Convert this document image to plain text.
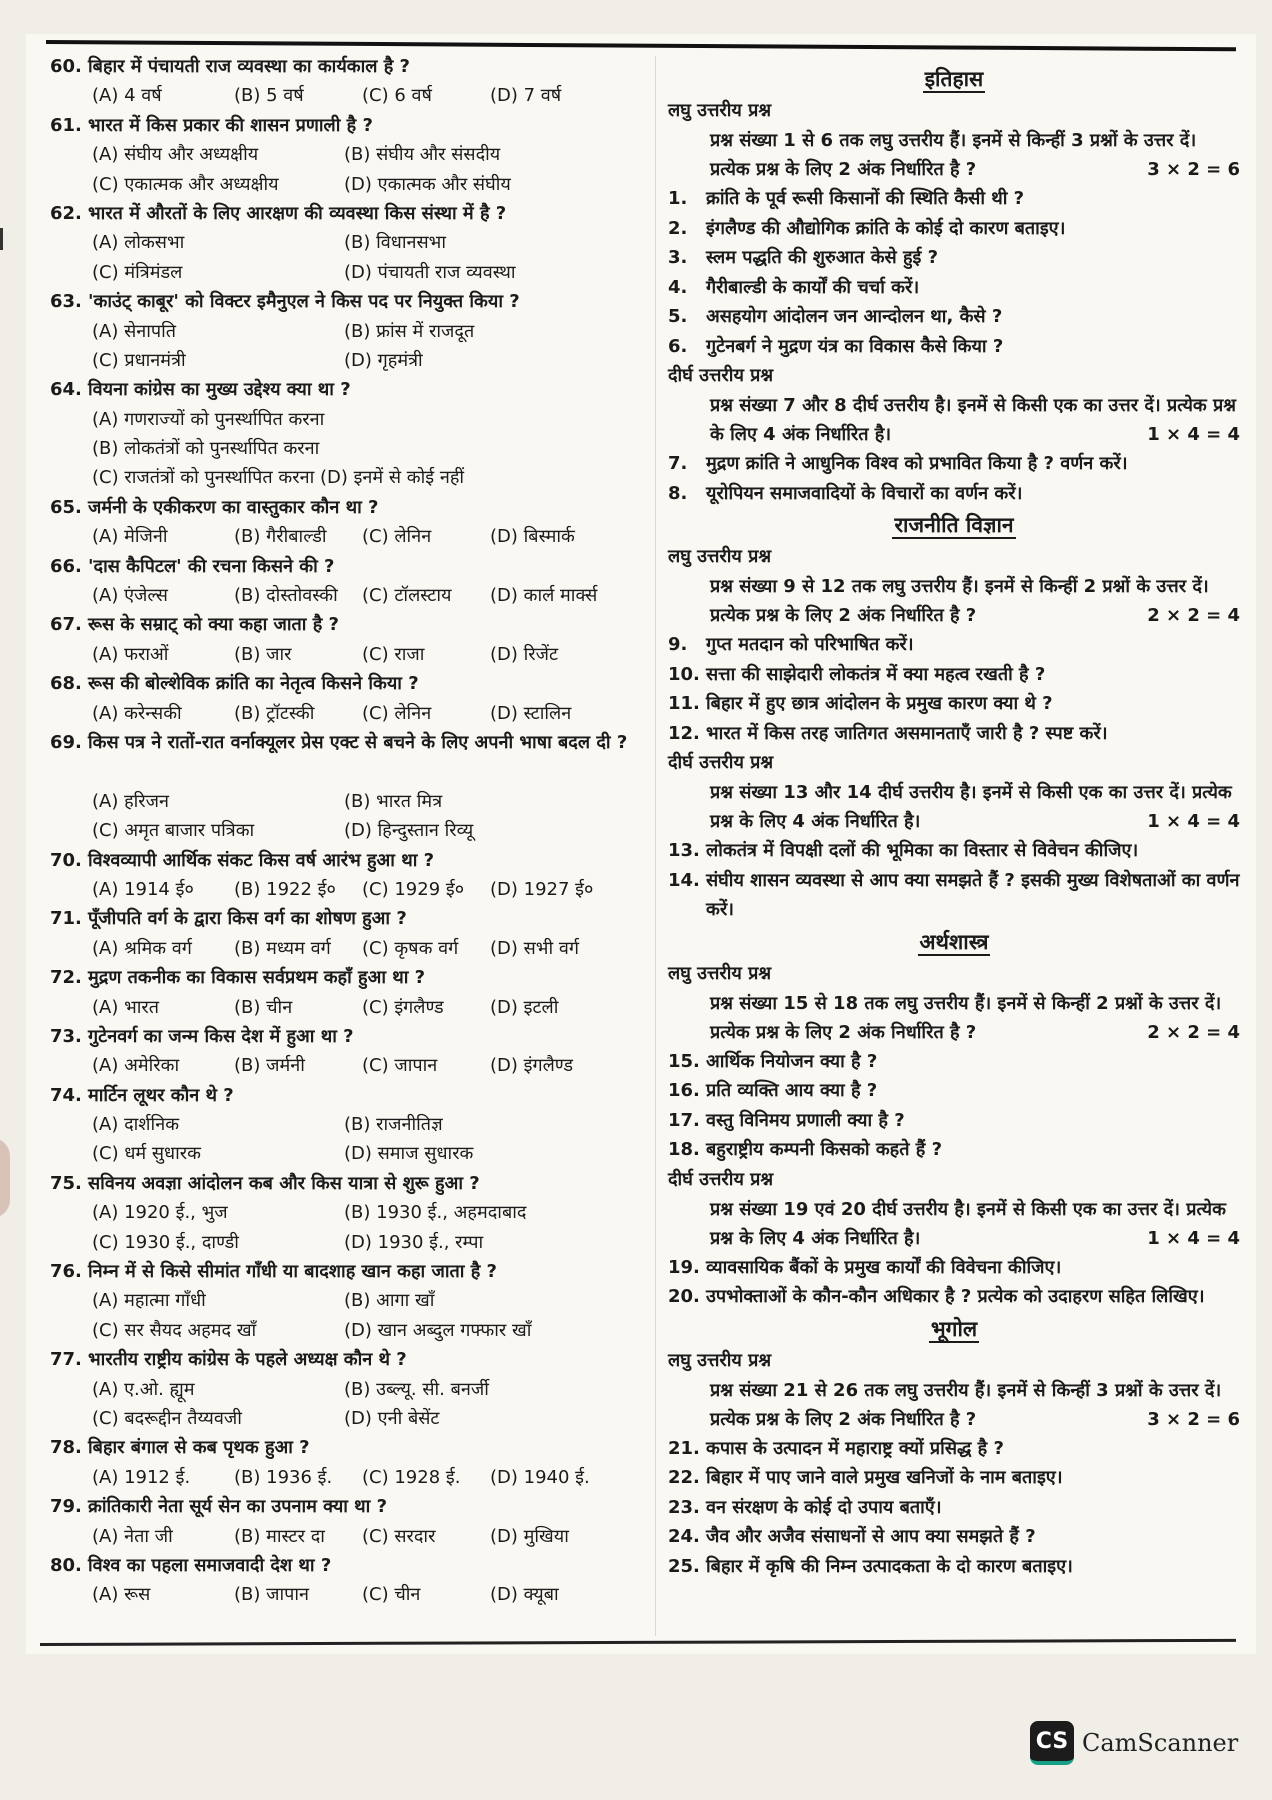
60. बिहार में पंचायती राज व्यवस्था का कार्यकाल है ?
(A) 4 वर्ष	(B) 5 वर्ष	(C) 6 वर्ष	(D) 7 वर्ष
61. भारत में किस प्रकार की शासन प्रणाली है ?
(A) संघीय और अध्यक्षीय	(B) संघीय और संसदीय
(C) एकात्मक और अध्यक्षीय	(D) एकात्मक और संघीय
62. भारत में औरतों के लिए आरक्षण की व्यवस्था किस संस्था में है ?
(A) लोकसभा	(B) विधानसभा
(C) मंत्रिमंडल	(D) पंचायती राज व्यवस्था
63. 'काउंट् काबूर' को विक्टर इमैनुएल ने किस पद पर नियुक्त किया ?
(A) सेनापति	(B) फ्रांस में राजदूत
(C) प्रधानमंत्री	(D) गृहमंत्री
64. वियना कांग्रेस का मुख्य उद्देश्य क्या था ?
(A) गणराज्यों को पुनर्स्थापित करना
(B) लोकतंत्रों को पुनर्स्थापित करना
(C) राजतंत्रों को पुनर्स्थापित करना (D) इनमें से कोई नहीं
65. जर्मनी के एकीकरण का वास्तुकार कौन था ?
(A) मेजिनी	(B) गैरीबाल्डी	(C) लेनिन	(D) बिस्मार्क
66. 'दास कैपिटल' की रचना किसने की ?
(A) एंजेल्स	(B) दोस्तोवस्की	(C) टॉलस्टाय	(D) कार्ल मार्क्स
67. रूस के सम्राट् को क्या कहा जाता है ?
(A) फराओं	(B) जार	(C) राजा	(D) रिजेंट
68. रूस की बोल्शेविक क्रांति का नेतृत्व किसने किया ?
(A) करेन्सकी	(B) ट्रॉटस्की	(C) लेनिन	(D) स्टालिन
69. किस पत्र ने रातों-रात वर्नाक्यूलर प्रेस एक्ट से बचने के लिए अपनी भाषा बदल दी ?
(A) हरिजन	(B) भारत मित्र
(C) अमृत बाजार पत्रिका	(D) हिन्दुस्तान रिव्यू
70. विश्वव्यापी आर्थिक संकट किस वर्ष आरंभ हुआ था ?
(A) 1914 ई०	(B) 1922 ई०	(C) 1929 ई०	(D) 1927 ई०
71. पूँजीपति वर्ग के द्वारा किस वर्ग का शोषण हुआ ?
(A) श्रमिक वर्ग	(B) मध्यम वर्ग	(C) कृषक वर्ग	(D) सभी वर्ग
72. मुद्रण तकनीक का विकास सर्वप्रथम कहाँ हुआ था ?
(A) भारत	(B) चीन	(C) इंगलैण्ड	(D) इटली
73. गुटेनवर्ग का जन्म किस देश में हुआ था ?
(A) अमेरिका	(B) जर्मनी	(C) जापान	(D) इंगलैण्ड
74. मार्टिन लूथर कौन थे ?
(A) दार्शनिक	(B) राजनीतिज्ञ
(C) धर्म सुधारक	(D) समाज सुधारक
75. सविनय अवज्ञा आंदोलन कब और किस यात्रा से शुरू हुआ ?
(A) 1920 ई., भुज	(B) 1930 ई., अहमदाबाद
(C) 1930 ई., दाण्डी	(D) 1930 ई., रम्पा
76. निम्न में से किसे सीमांत गाँधी या बादशाह खान कहा जाता है ?
(A) महात्मा गाँधी	(B) आगा खाँ
(C) सर सैयद अहमद खाँ	(D) खान अब्दुल गफ्फार खाँ
77. भारतीय राष्ट्रीय कांग्रेस के पहले अध्यक्ष कौन थे ?
(A) ए.ओ. ह्यूम	(B) उब्ल्यू. सी. बनर्जी
(C) बदरूद्दीन तैय्यवजी	(D) एनी बेसेंट
78. बिहार बंगाल से कब पृथक हुआ ?
(A) 1912 ई.	(B) 1936 ई.	(C) 1928 ई.	(D) 1940 ई.
79. क्रांतिकारी नेता सूर्य सेन का उपनाम क्या था ?
(A) नेता जी	(B) मास्टर दा	(C) सरदार	(D) मुखिया
80. विश्व का पहला समाजवादी देश था ?
(A) रूस	(B) जापान	(C) चीन	(D) क्यूबा
इतिहास
लघु उत्तरीय प्रश्न
प्रश्न संख्या 1 से 6 तक लघु उत्तरीय हैं। इनमें से किन्हीं 3 प्रश्नों के उत्तर दें। प्रत्येक प्रश्न के लिए 2 अंक निर्धारित है ?	3 × 2 = 6
1.	क्रांति के पूर्व रूसी किसानों की स्थिति कैसी थी ?
2.	इंगलैण्ड की औद्योगिक क्रांति के कोई दो कारण बताइए।
3.	स्लम पद्धति की शुरुआत केसे हुई ?
4.	गैरीबाल्डी के कार्यों की चर्चा करें।
5.	असहयोग आंदोलन जन आन्दोलन था, कैसे ?
6.	गुटेनबर्ग ने मुद्रण यंत्र का विकास कैसे किया ?
दीर्घ उत्तरीय प्रश्न
प्रश्न संख्या 7 और 8 दीर्घ उत्तरीय है। इनमें से किसी एक का उत्तर दें। प्रत्येक प्रश्न के लिए 4 अंक निर्धारित है।	1 × 4 = 4
7.	मुद्रण क्रांति ने आधुनिक विश्व को प्रभावित किया है ? वर्णन करें।
8.	यूरोपियन समाजवादियों के विचारों का वर्णन करें।
राजनीति विज्ञान
लघु उत्तरीय प्रश्न
प्रश्न संख्या 9 से 12 तक लघु उत्तरीय हैं। इनमें से किन्हीं 2 प्रश्नों के उत्तर दें। प्रत्येक प्रश्न के लिए 2 अंक निर्धारित है ?	2 × 2 = 4
9.	गुप्त मतदान को परिभाषित करें।
10. सत्ता की साझेदारी लोकतंत्र में क्या महत्व रखती है ?
11. बिहार में हुए छात्र आंदोलन के प्रमुख कारण क्या थे ?
12. भारत में किस तरह जातिगत असमानताएँ जारी है ? स्पष्ट करें।
दीर्घ उत्तरीय प्रश्न
प्रश्न संख्या 13 और 14 दीर्घ उत्तरीय है। इनमें से किसी एक का उत्तर दें। प्रत्येक प्रश्न के लिए 4 अंक निर्धारित है।	1 × 4 = 4
13. लोकतंत्र में विपक्षी दलों की भूमिका का विस्तार से विवेचन कीजिए।
14. संघीय शासन व्यवस्था से आप क्या समझते हैं ? इसकी मुख्य विशेषताओं का वर्णन करें।
अर्थशास्त्र
लघु उत्तरीय प्रश्न
प्रश्न संख्या 15 से 18 तक लघु उत्तरीय हैं। इनमें से किन्हीं 2 प्रश्नों के उत्तर दें। प्रत्येक प्रश्न के लिए 2 अंक निर्धारित है ?	2 × 2 = 4
15. आर्थिक नियोजन क्या है ?
16. प्रति व्यक्ति आय क्या है ?
17. वस्तु विनिमय प्रणाली क्या है ?
18. बहुराष्ट्रीय कम्पनी किसको कहते हैं ?
दीर्घ उत्तरीय प्रश्न
प्रश्न संख्या 19 एवं 20 दीर्घ उत्तरीय है। इनमें से किसी एक का उत्तर दें। प्रत्येक प्रश्न के लिए 4 अंक निर्धारित है।	1 × 4 = 4
19. व्यावसायिक बैंकों के प्रमुख कार्यों की विवेचना कीजिए।
20. उपभोक्ताओं के कौन-कौन अधिकार है ? प्रत्येक को उदाहरण सहित लिखिए।
भूगोल
लघु उत्तरीय प्रश्न
प्रश्न संख्या 21 से 26 तक लघु उत्तरीय हैं। इनमें से किन्हीं 3 प्रश्नों के उत्तर दें। प्रत्येक प्रश्न के लिए 2 अंक निर्धारित है ?	3 × 2 = 6
21. कपास के उत्पादन में महाराष्ट्र क्यों प्रसिद्ध है ?
22. बिहार में पाए जाने वाले प्रमुख खनिजों के नाम बताइए।
23. वन संरक्षण के कोई दो उपाय बताएँ।
24. जैव और अजैव संसाधनों से आप क्या समझते हैं ?
25. बिहार में कृषि की निम्न उत्पादकता के दो कारण बताइए।
CS CamScanner
